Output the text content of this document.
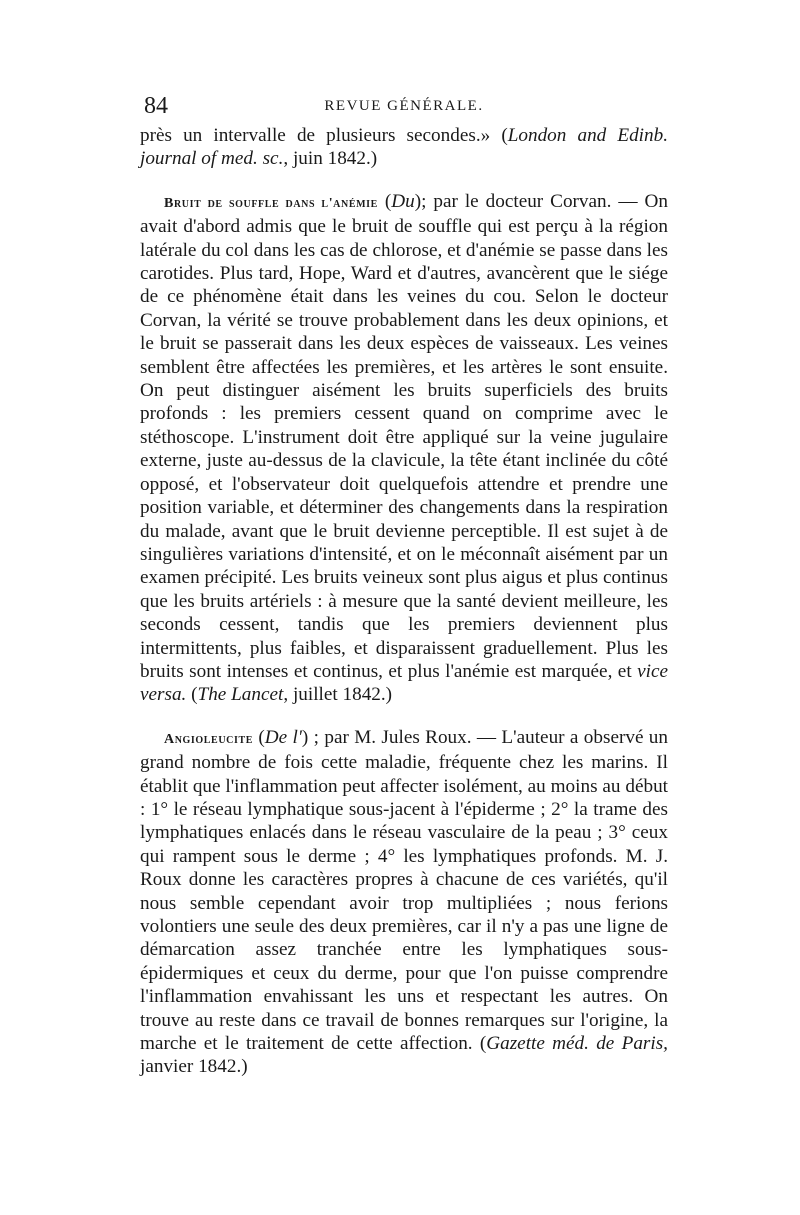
84	REVUE GÉNÉRALE.

près un intervalle de plusieurs secondes.» (London and Edinb. journal of med. sc., juin 1842.)

Bruit de souffle dans l'anémie (Du); par le docteur Corvan. — On avait d'abord admis que le bruit de souffle qui est perçu à la région latérale du col dans les cas de chlorose, et d'anémie se passe dans les carotides. Plus tard, Hope, Ward et d'autres, avancèrent que le siége de ce phénomène était dans les veines du cou. Selon le docteur Corvan, la vérité se trouve probablement dans les deux opinions, et le bruit se passerait dans les deux espèces de vaisseaux. Les veines semblent être affectées les premières, et les artères le sont ensuite. On peut distinguer aisément les bruits superficiels des bruits profonds : les premiers cessent quand on comprime avec le stéthoscope. L'instrument doit être appliqué sur la veine jugulaire externe, juste au-dessus de la clavicule, la tête étant inclinée du côté opposé, et l'observateur doit quelquefois attendre et prendre une position variable, et déterminer des changements dans la respiration du malade, avant que le bruit devienne perceptible. Il est sujet à de singulières variations d'intensité, et on le méconnaît aisément par un examen précipité. Les bruits veineux sont plus aigus et plus continus que les bruits artériels : à mesure que la santé devient meilleure, les seconds cessent, tandis que les premiers deviennent plus intermittents, plus faibles, et disparaissent graduellement. Plus les bruits sont intenses et continus, et plus l'anémie est marquée, et vice versa. (The Lancet, juillet 1842.)

Angioleucite (De l') ; par M. Jules Roux. — L'auteur a observé un grand nombre de fois cette maladie, fréquente chez les marins. Il établit que l'inflammation peut affecter isolément, au moins au début : 1° le réseau lymphatique sous-jacent à l'épiderme ; 2° la trame des lymphatiques enlacés dans le réseau vasculaire de la peau ; 3° ceux qui rampent sous le derme ; 4° les lymphatiques profonds. M. J. Roux donne les caractères propres à chacune de ces variétés, qu'il nous semble cependant avoir trop multipliées ; nous ferions volontiers une seule des deux premières, car il n'y a pas une ligne de démarcation assez tranchée entre les lymphatiques sous-épidermiques et ceux du derme, pour que l'on puisse comprendre l'inflammation envahissant les uns et respectant les autres. On trouve au reste dans ce travail de bonnes remarques sur l'origine, la marche et le traitement de cette affection. (Gazette méd. de Paris, janvier 1842.)
